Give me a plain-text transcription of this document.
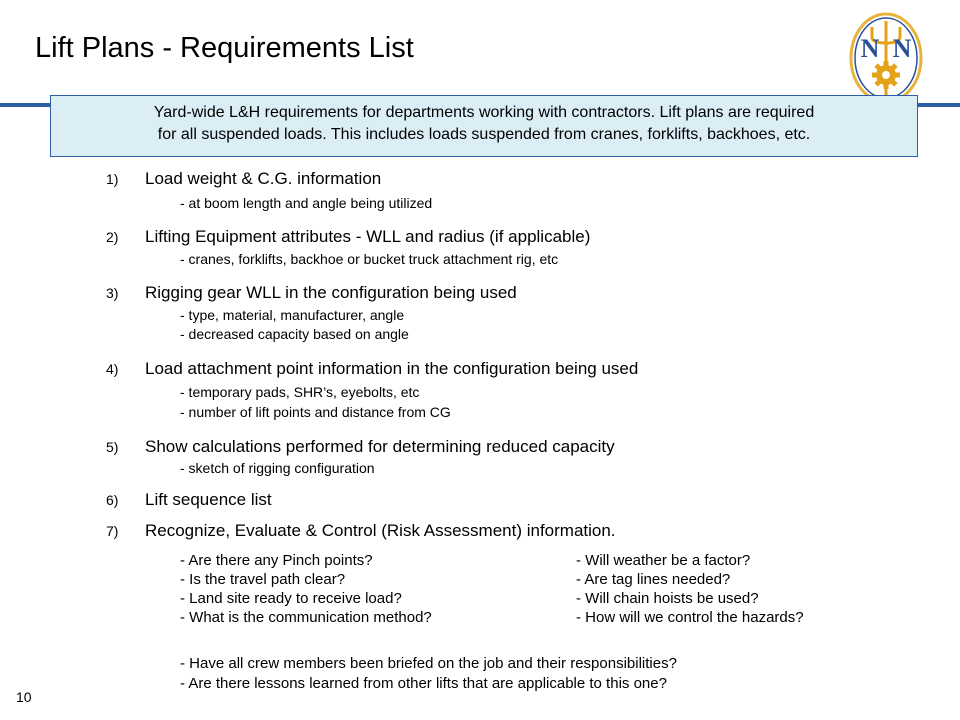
Lift Plans - Requirements List	N N
Yard-wide L&H requirements for departments working with contractors. Lift plans are required
for all suspended loads. This includes loads suspended from cranes, forklifts, backhoes, etc.
1) Load weight & C.G. information
- at boom length and angle being utilized
2) Lifting Equipment attributes - WLL and radius (if applicable)
- cranes, forklifts, backhoe or bucket truck attachment rig, etc
3) Rigging gear WLL in the configuration being used
- type, material, manufacturer, angle
- decreased capacity based on angle
4) Load attachment point information in the configuration being used
- temporary pads, SHR’s, eyebolts, etc
- number of lift points and distance from CG
5) Show calculations performed for determining reduced capacity
- sketch of rigging configuration
6) Lift sequence list
7) Recognize, Evaluate & Control (Risk Assessment) information.
- Are there any Pinch points?
- Is the travel path clear?
- Land site ready to receive load?
- What is the communication method?
- Will weather be a factor?
- Are tag lines needed?
- Will chain hoists be used?
- How will we control the hazards?
- Have all crew members been briefed on the job and their responsibilities?
- Are there lessons learned from other lifts that are applicable to this one?
10
